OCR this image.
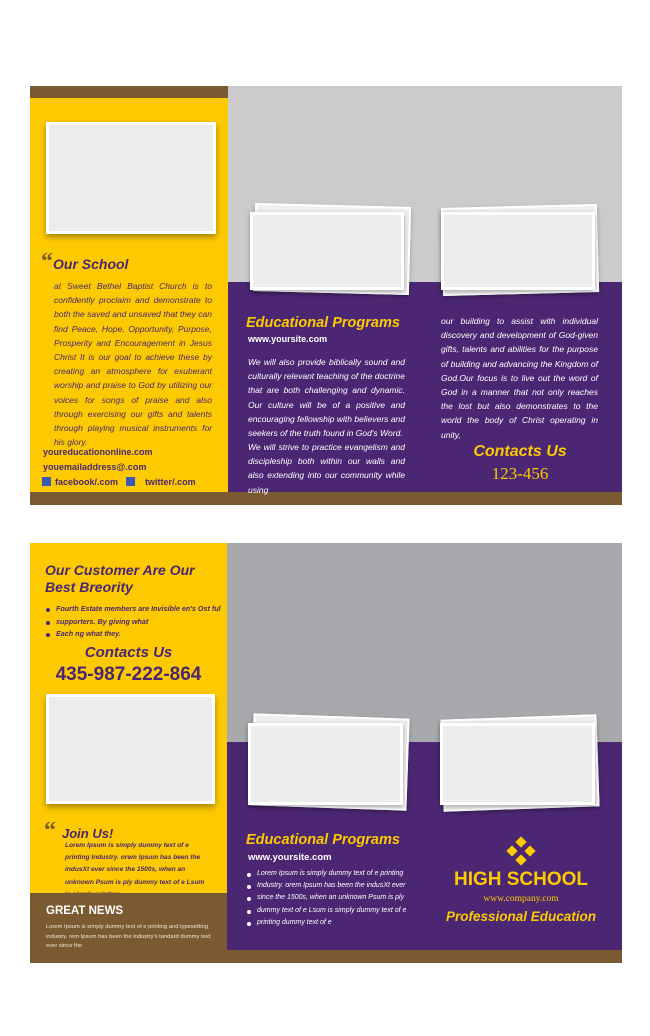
“Our School
at Sweet Bethel Baptist Church is to confidently proclaim and demonstrate to both the saved and unsaved that they can find Peace, Hope, Opportunity, Purpose, Prosperity and Encouragement in Jesus Christ It is our goal to achieve these by creating an atmosphere for exuberant worship and praise to God by utilizing our voices for songs of praise and also through exercising our gifts and talents through playing musical instruments for his glory.
youreducationonline.com
youemailaddress@.com
facebook/.com	twitter/.com
Educational Programs
www.yoursite.com
We will also provide biblically sound and culturally relevant teaching of the doctrine that are both challenging and dynamic. Our culture will be of a positive and encouraging fellowship with believers and seekers of the truth found in God's Word.
We will strive to practice evangelism and discipleship both within our walls and also extending into our community while using
our building to assist with individual discovery and development of God-given gifts, talents and abilities for the purpose of building and advancing the Kingdom of God.Our focus is to live out the word of God in a manner that not only reaches the lost but also demonstrates to the world the body of Christ operating in unity,
Contacts Us
123-456
Our Customer Are Our
Best Breority
Fourth Estate members are Invisible en's Ost ful
supporters. By giving what
Each ng what they.
Contacts Us
435-987-222-864
“ Join Us!
Lorem Ipsum is simply dummy text of e printing Industry. orem Ipsum has been the indusXt ever since the 1500s, when an unknown Psum is ply dummy text of e Lsum
GREAT NEWS
Lorem Ipsum is simply dummy text of e printing and typesetting industry. rem Ipsum has been the industry's tandard dummy text ever since the
Educational Programs
www.yoursite.com
Lorem Ipsum is simply dummy text of e printing
Industry. orem Ipsum has been the indusXt ever
since the 1500s, when an unknown Psum is ply
dummy text of e Lsum is simply dummy text of e
printing dummy text of e
HIGH SCHOOL
www.company.com
Professional Education
